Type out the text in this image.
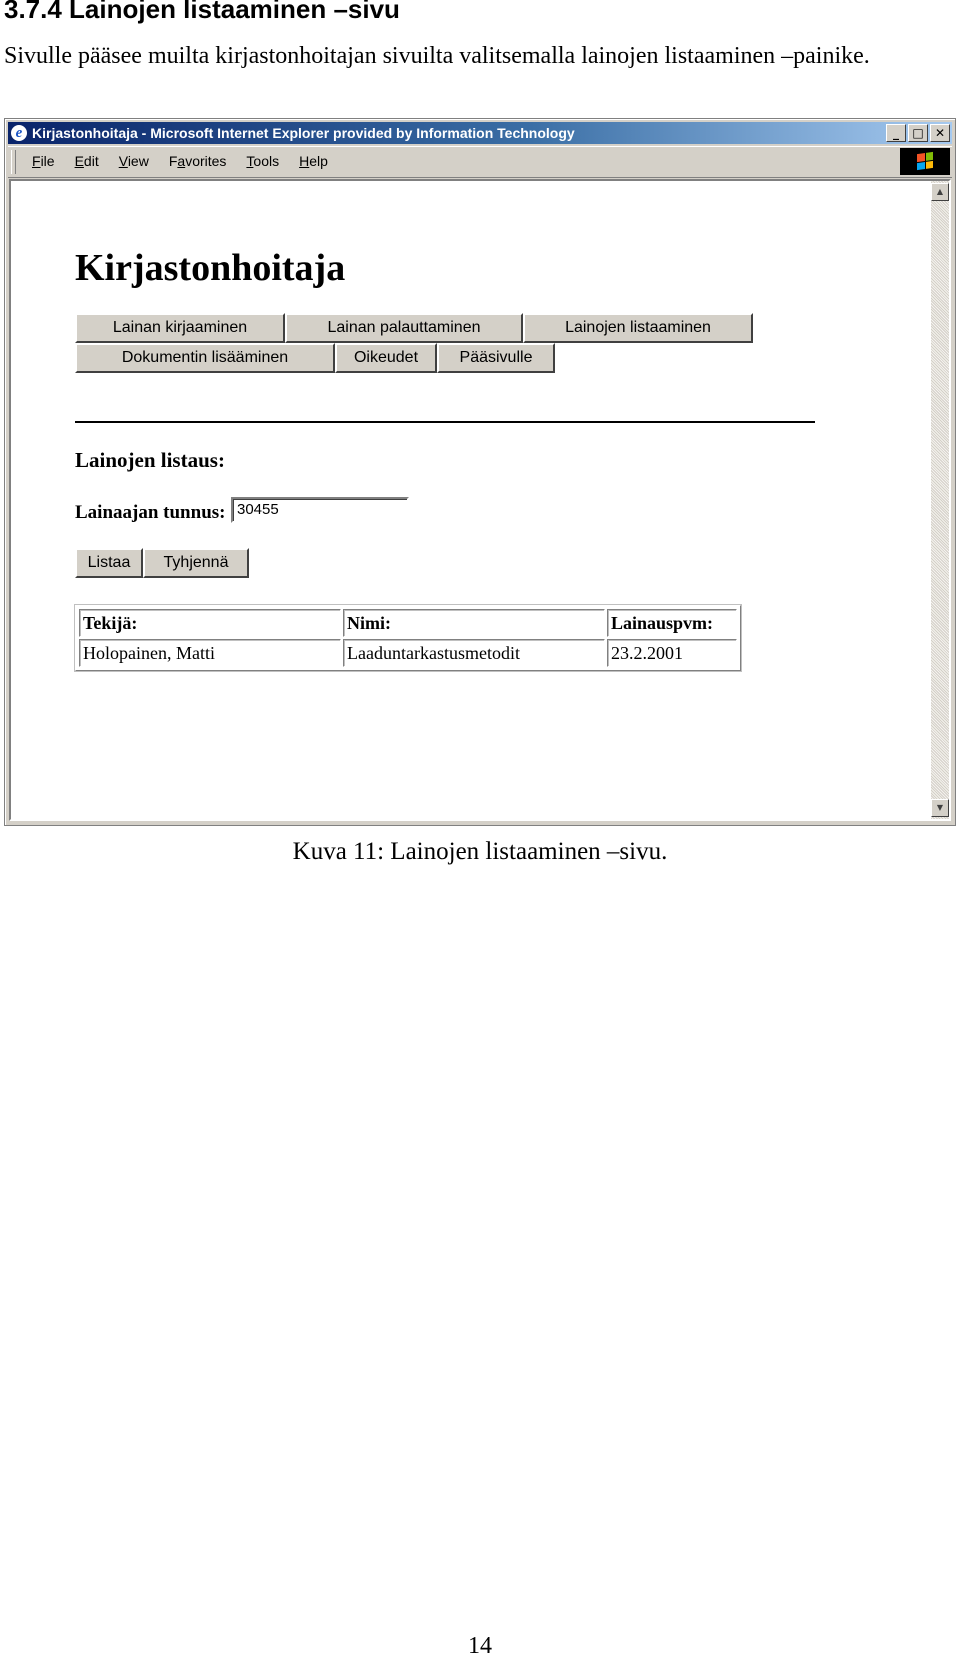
3.7.4 Lainojen listaaminen –sivu

Sivulle pääsee muilta kirjastonhoitajan sivuilta valitsemalla lainojen listaaminen –painike.

e Kirjastonhoitaja - Microsoft Internet Explorer provided by Information Technology	_	□ ✕
File Edit View Favorites Tools Help
Kirjastonhoitaja
Lainan kirjaaminen	Lainan palauttaminen	Lainojen listaaminen
Dokumentin lisääminen	Oikeudet	Pääsivulle
Lainojen listaus:
Lainaajan tunnus: 30455
Listaa	Tyhjennä
Tekijä:	Nimi:	Lainauspvm:
Holopainen, Matti	Laaduntarkastusmetodit	23.2.2001
▲
▼
Kuva 11: Lainojen listaaminen –sivu.
14
